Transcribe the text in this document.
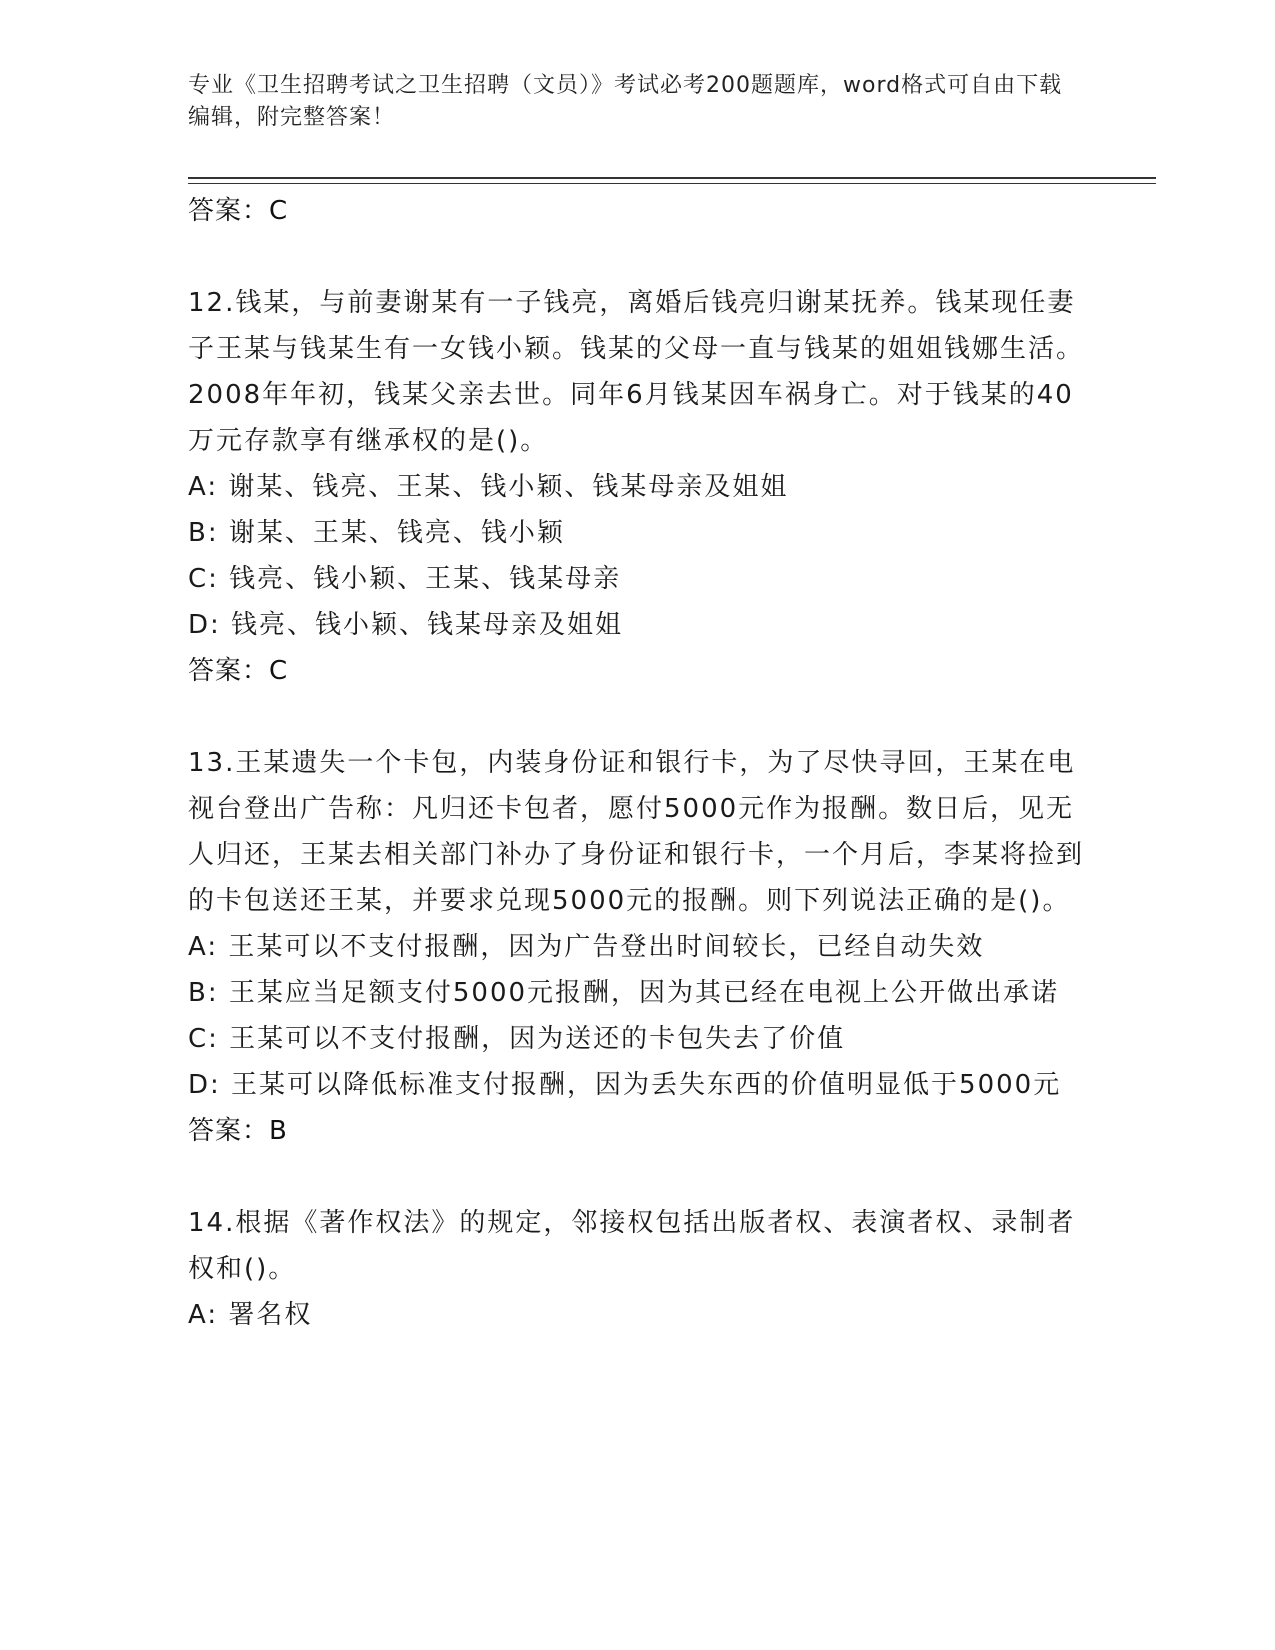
专业《卫生招聘考试之卫生招聘（文员）》考试必考200题题库，word格式可自由下载编辑，附完整答案！
答案：C
12.钱某，与前妻谢某有一子钱亮，离婚后钱亮归谢某抚养。钱某现任妻子王某与钱某生有一女钱小颖。钱某的父母一直与钱某的姐姐钱娜生活。2008年年初，钱某父亲去世。同年6月钱某因车祸身亡。对于钱某的40万元存款享有继承权的是()。
A: 谢某、钱亮、王某、钱小颖、钱某母亲及姐姐
B: 谢某、王某、钱亮、钱小颖
C: 钱亮、钱小颖、王某、钱某母亲
D: 钱亮、钱小颖、钱某母亲及姐姐
答案：C
13.王某遗失一个卡包，内装身份证和银行卡，为了尽快寻回，王某在电视台登出广告称：凡归还卡包者，愿付5000元作为报酬。数日后，见无人归还，王某去相关部门补办了身份证和银行卡，一个月后，李某将捡到的卡包送还王某，并要求兑现5000元的报酬。则下列说法正确的是()。
A: 王某可以不支付报酬，因为广告登出时间较长，已经自动失效
B: 王某应当足额支付5000元报酬，因为其已经在电视上公开做出承诺
C: 王某可以不支付报酬，因为送还的卡包失去了价值
D: 王某可以降低标准支付报酬，因为丢失东西的价值明显低于5000元
答案：B
14.根据《著作权法》的规定，邻接权包括出版者权、表演者权、录制者权和()。
A: 署名权
